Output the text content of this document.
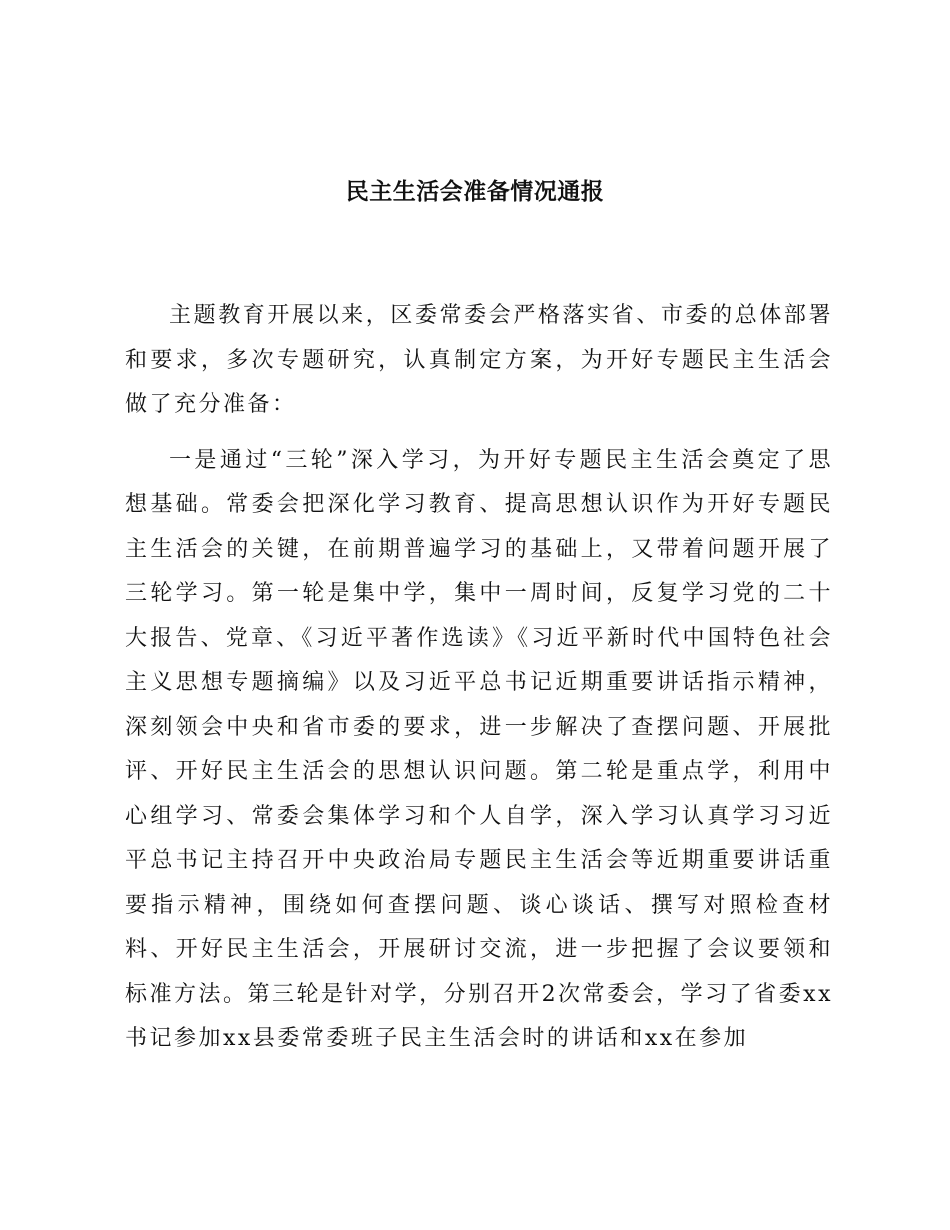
民主生活会准备情况通报

主题教育开展以来，区委常委会严格落实省、市委的总体部署和要求，多次专题研究，认真制定方案，为开好专题民主生活会做了充分准备：

一是通过“三轮”深入学习，为开好专题民主生活会奠定了思想基础。常委会把深化学习教育、提高思想认识作为开好专题民主生活会的关键，在前期普遍学习的基础上，又带着问题开展了三轮学习。第一轮是集中学，集中一周时间，反复学习党的二十大报告、党章、《习近平著作选读》《习近平新时代中国特色社会主义思想专题摘编》以及习近平总书记近期重要讲话指示精神，深刻领会中央和省市委的要求，进一步解决了查摆问题、开展批评、开好民主生活会的思想认识问题。第二轮是重点学，利用中心组学习、常委会集体学习和个人自学，深入学习认真学习习近平总书记主持召开中央政治局专题民主生活会等近期重要讲话重要指示精神，围绕如何查摆问题、谈心谈话、撰写对照检查材料、开好民主生活会，开展研讨交流，进一步把握了会议要领和标准方法。第三轮是针对学，分别召开2次常委会，学习了省委xx书记参加xx县委常委班子民主生活会时的讲话和xx在参加
